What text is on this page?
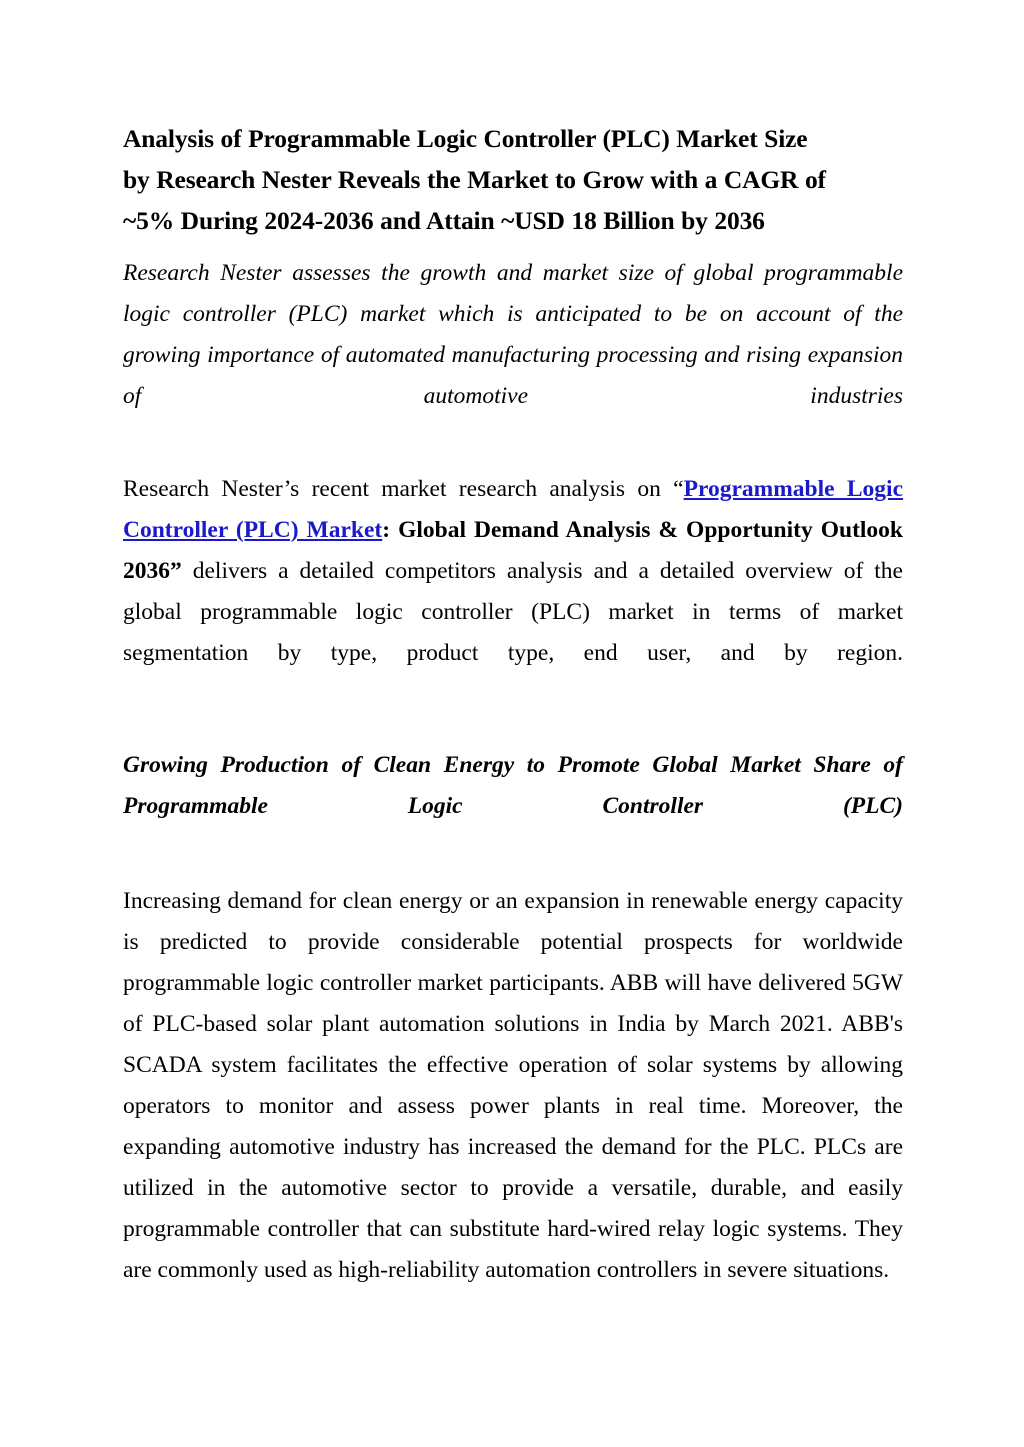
Analysis of Programmable Logic Controller (PLC) Market Size
by Research Nester Reveals the Market to Grow with a CAGR of
~5% During 2024-2036 and Attain ~USD 18 Billion by 2036

Research Nester assesses the growth and market size of global programmable logic controller (PLC) market which is anticipated to be on account of the growing importance of automated manufacturing processing and rising expansion of automotive industries

Research Nester’s recent market research analysis on “Programmable Logic Controller (PLC) Market: Global Demand Analysis & Opportunity Outlook 2036” delivers a detailed competitors analysis and a detailed overview of the global programmable logic controller (PLC) market in terms of market segmentation by type, product type, end user, and by region.

Growing Production of Clean Energy to Promote Global Market Share of Programmable Logic Controller (PLC)

Increasing demand for clean energy or an expansion in renewable energy capacity is predicted to provide considerable potential prospects for worldwide programmable logic controller market participants. ABB will have delivered 5GW of PLC-based solar plant automation solutions in India by March 2021. ABB's SCADA system facilitates the effective operation of solar systems by allowing operators to monitor and assess power plants in real time. Moreover, the expanding automotive industry has increased the demand for the PLC. PLCs are utilized in the automotive sector to provide a versatile, durable, and easily programmable controller that can substitute hard-wired relay logic systems. They are commonly used as high-reliability automation controllers in severe situations.
